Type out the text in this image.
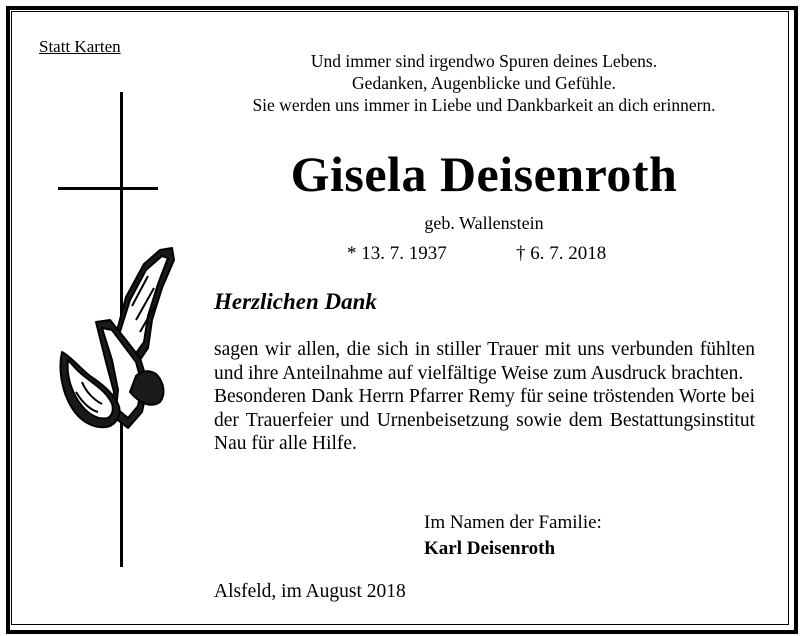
Statt Karten
Und immer sind irgendwo Spuren deines Lebens.
Gedanken, Augenblicke und Gefühle.
Sie werden uns immer in Liebe und Dankbarkeit an dich erinnern.
Gisela Deisenroth
geb. Wallenstein
* 13. 7. 1937	† 6. 7. 2018
Herzlichen Dank

sagen wir allen, die sich in stiller Trauer mit uns verbunden fühlten und ihre Anteilnahme auf vielfältige Weise zum Ausdruck brachten.

Besonderen Dank Herrn Pfarrer Remy für seine tröstenden Worte bei der Trauerfeier und Urnenbeisetzung sowie dem Bestattungsinstitut Nau für alle Hilfe.

Im Namen der Familie:
Karl Deisenroth
Alsfeld, im August 2018
